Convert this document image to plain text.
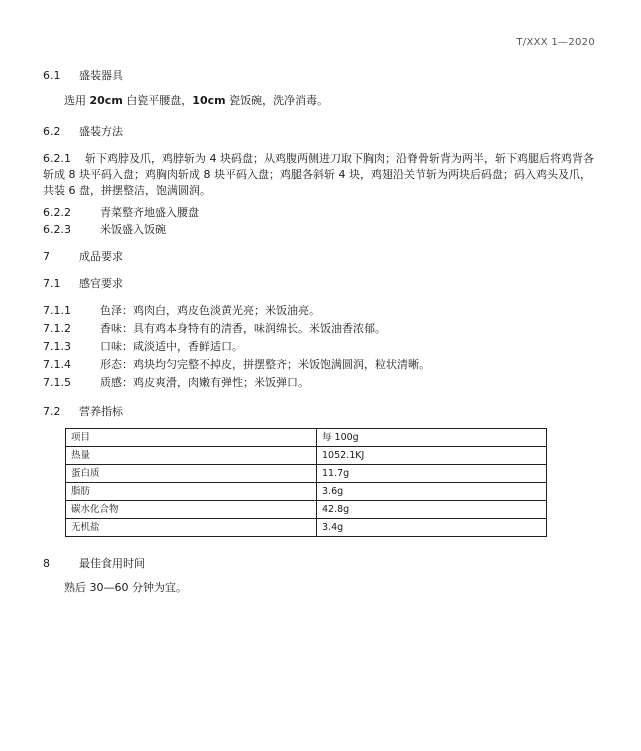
T/XXX 1—2020
6.1 盛装器具
选用 20cm 白瓷平腰盘，10cm 瓷饭碗，洗净消毒。
6.2 盛装方法
6.2.1 斩下鸡脖及爪，鸡脖斩为 4 块码盘；从鸡腹两侧进刀取下胸肉；沿脊骨斩背为两半，斩下鸡腿后将鸡背各斩成 8 块平码入盘；鸡胸肉斩成 8 块平码入盘；鸡腿各斜斩 4 块，鸡翅沿关节斩为两块后码盘；码入鸡头及爪，共装 6 盘，拼摆整洁，饱满圆润。
6.2.2	青菜整齐地盛入腰盘
6.2.3	米饭盛入饭碗
7	成品要求
7.1 感官要求
7.1.1	色泽：鸡肉白，鸡皮色淡黄光亮；米饭油亮。
7.1.2	香味：具有鸡本身特有的清香，味润绵长。米饭油香浓郁。
7.1.3	口味：咸淡适中，香鲜适口。
7.1.4	形态：鸡块均匀完整不掉皮，拼摆整齐；米饭饱满圆润，粒状清晰。
7.1.5	质感：鸡皮爽滑，肉嫩有弹性；米饭弹口。
7.2 营养指标
项目	每 100g
热量	1052.1KJ
蛋白质	11.7g
脂肪	3.6g
碳水化合物	42.8g
无机盐	3.4g
8	最佳食用时间
熟后 30—60 分钟为宜。
